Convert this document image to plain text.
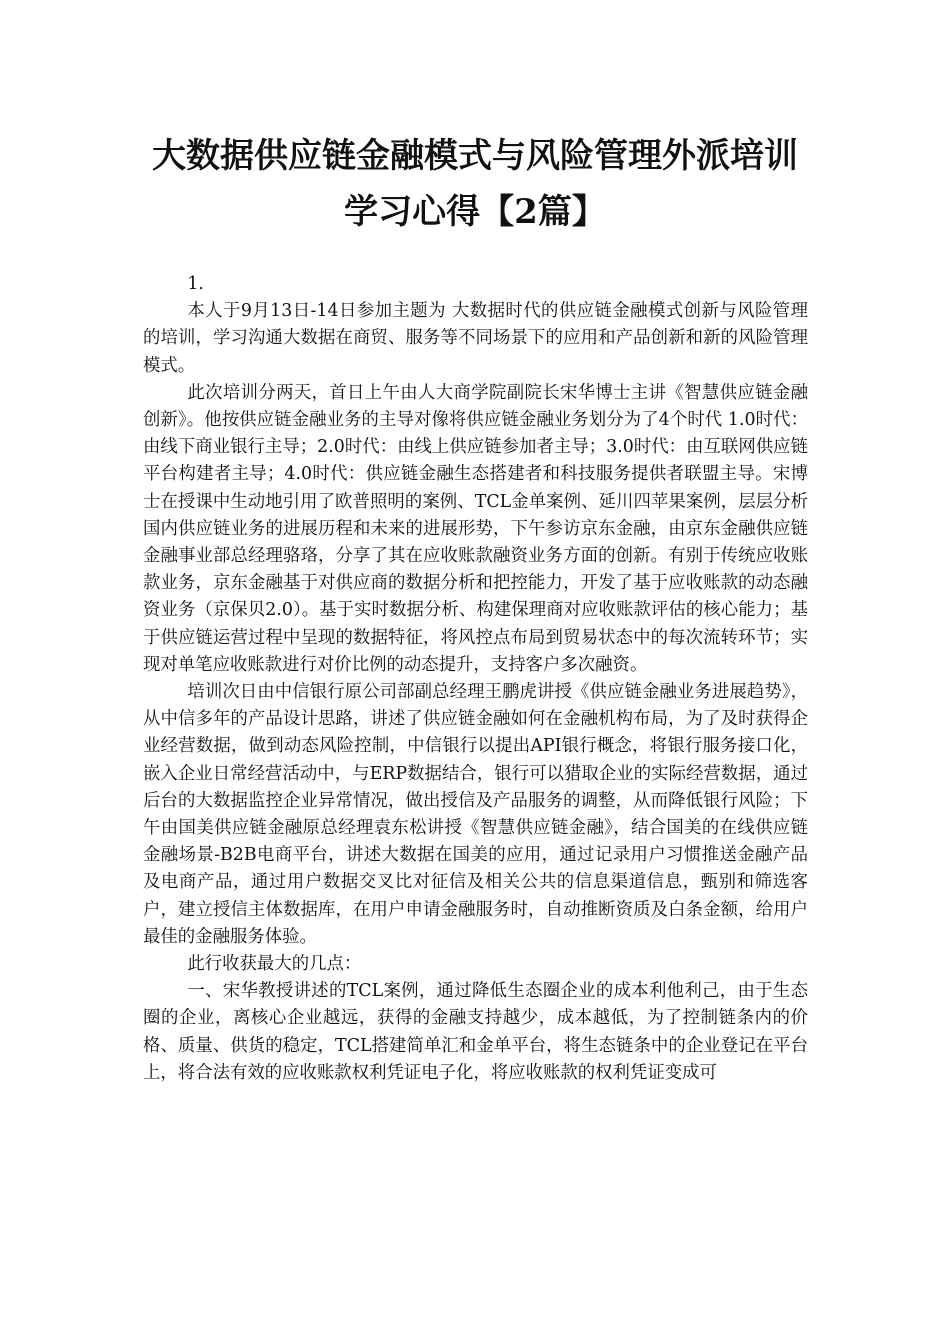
大数据供应链金融模式与风险管理外派培训学习心得【2篇】

1.

本人于9月13日-14日参加主题为 大数据时代的供应链金融模式创新与风险管理 的培训，学习沟通大数据在商贸、服务等不同场景下的应用和产品创新和新的风险管理模式。

此次培训分两天，首日上午由人大商学院副院长宋华博士主讲《智慧供应链金融创新》。他按供应链金融业务的主导对像将供应链金融业务划分为了4个时代 1.0时代：由线下商业银行主导；2.0时代：由线上供应链参加者主导；3.0时代：由互联网供应链平台构建者主导；4.0时代：供应链金融生态搭建者和科技服务提供者联盟主导。宋博士在授课中生动地引用了欧普照明的案例、TCL金单案例、延川四苹果案例，层层分析国内供应链业务的进展历程和未来的进展形势，下午参访京东金融，由京东金融供应链金融事业部总经理骆珞，分享了其在应收账款融资业务方面的创新。有别于传统应收账款业务，京东金融基于对供应商的数据分析和把控能力，开发了基于应收账款的动态融资业务（京保贝2.0）。基于实时数据分析、构建保理商对应收账款评估的核心能力；基于供应链运营过程中呈现的数据特征，将风控点布局到贸易状态中的每次流转环节；实现对单笔应收账款进行对价比例的动态提升，支持客户多次融资。

培训次日由中信银行原公司部副总经理王鹏虎讲授《供应链金融业务进展趋势》，从中信多年的产品设计思路，讲述了供应链金融如何在金融机构布局，为了及时获得企业经营数据，做到动态风险控制，中信银行以提出API银行概念，将银行服务接口化，嵌入企业日常经营活动中，与ERP数据结合，银行可以猎取企业的实际经营数据，通过后台的大数据监控企业异常情况，做出授信及产品服务的调整，从而降低银行风险；下午由国美供应链金融原总经理袁东松讲授《智慧供应链金融》，结合国美的在线供应链金融场景-B2B电商平台，讲述大数据在国美的应用，通过记录用户习惯推送金融产品及电商产品，通过用户数据交叉比对征信及相关公共的信息渠道信息，甄别和筛选客户，建立授信主体数据库，在用户申请金融服务时，自动推断资质及白条金额，给用户最佳的金融服务体验。

此行收获最大的几点：

一、宋华教授讲述的TCL案例，通过降低生态圈企业的成本利他利己，由于生态圈的企业，离核心企业越远，获得的金融支持越少，成本越低，为了控制链条内的价格、质量、供货的稳定，TCL搭建简单汇和金单平台，将生态链条中的企业登记在平台上，将合法有效的应收账款权利凭证电子化，将应收账款的权利凭证变成可
